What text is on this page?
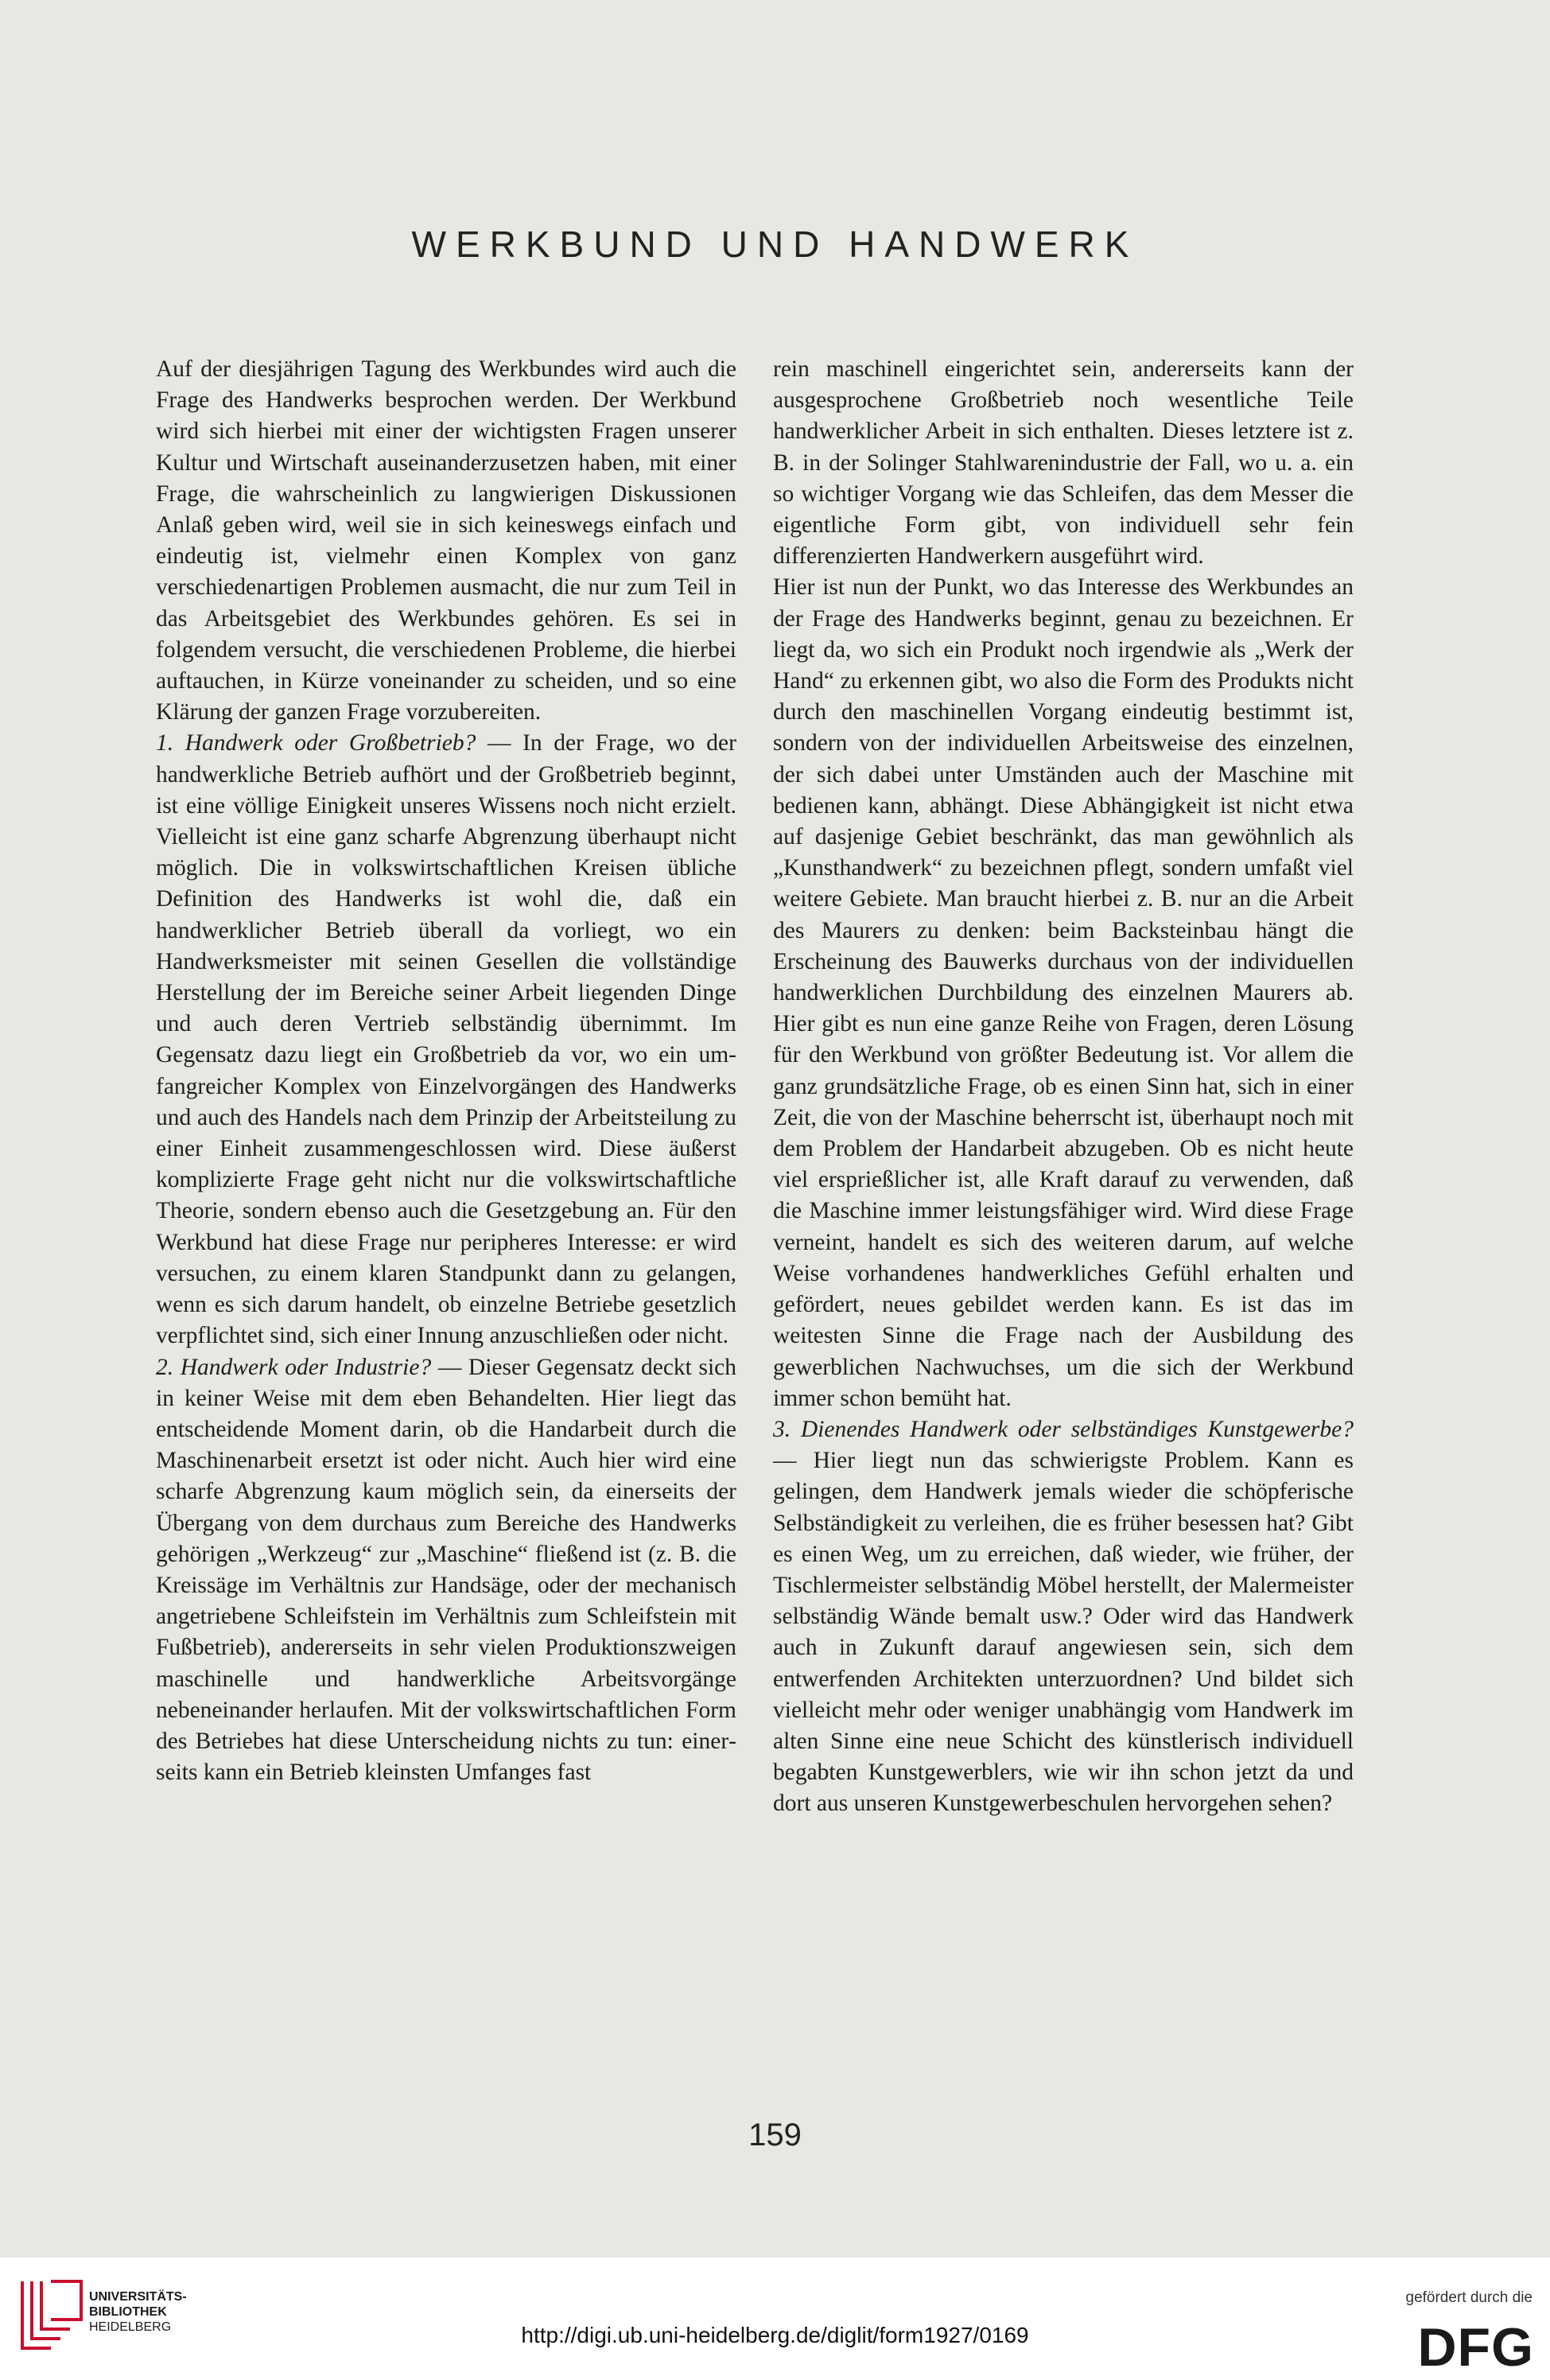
WERKBUND UND HANDWERK

Auf der diesjährigen Tagung des Werkbundes wird auch die Frage des Handwerks besprochen werden. Der Werkbund wird sich hierbei mit einer der wichtigsten Fragen unserer Kultur und Wirtschaft auseinanderzusetzen haben, mit einer Frage, die wahrscheinlich zu langwierigen Diskussionen Anlaß geben wird, weil sie in sich keineswegs einfach und eindeutig ist, vielmehr einen Komplex von ganz verschiedenartigen Problemen ausmacht, die nur zum Teil in das Arbeitsgebiet des Werkbundes gehören. Es sei in folgendem versucht, die verschiedenen Probleme, die hierbei auftauchen, in Kürze voneinander zu scheiden, und so eine Klärung der ganzen Frage vorzubereiten.

1. Handwerk oder Großbetrieb? — In der Frage, wo der handwerkliche Betrieb aufhört und der Großbetrieb beginnt, ist eine völlige Einigkeit unseres Wissens noch nicht erzielt. Vielleicht ist eine ganz scharfe Abgrenzung überhaupt nicht möglich. Die in volkswirtschaftlichen Kreisen übliche Definition des Handwerks ist wohl die, daß ein handwerklicher Betrieb überall da vorliegt, wo ein Handwerksmeister mit seinen Gesellen die vollständige Herstellung der im Bereiche seiner Arbeit liegenden Dinge und auch deren Vertrieb selbständig übernimmt. Im Gegensatz dazu liegt ein Großbetrieb da vor, wo ein umfangreicher Komplex von Einzelvorgängen des Handwerks und auch des Handels nach dem Prinzip der Arbeitsteilung zu einer Einheit zusammengeschlossen wird. Diese äußerst komplizierte Frage geht nicht nur die volkswirtschaftliche Theorie, sondern ebenso auch die Gesetzgebung an. Für den Werkbund hat diese Frage nur peripheres Interesse: er wird versuchen, zu einem klaren Standpunkt dann zu gelangen, wenn es sich darum handelt, ob einzelne Betriebe gesetzlich verpflichtet sind, sich einer Innung anzuschließen oder nicht.

2. Handwerk oder Industrie? — Dieser Gegensatz deckt sich in keiner Weise mit dem eben Behandelten. Hier liegt das entscheidende Moment darin, ob die Handarbeit durch die Maschinenarbeit ersetzt ist oder nicht. Auch hier wird eine scharfe Abgrenzung kaum möglich sein, da einerseits der Übergang von dem durchaus zum Bereiche des Handwerks gehörigen „Werkzeug“ zur „Maschine“ fließend ist (z. B. die Kreissäge im Verhältnis zur Handsäge, oder der mechanisch angetriebene Schleifstein im Verhältnis zum Schleifstein mit Fußbetrieb), andererseits in sehr vielen Produktionszweigen maschinelle und handwerkliche Arbeitsvorgänge nebeneinander herlaufen. Mit der volkswirtschaftlichen Form des Betriebes hat diese Unterscheidung nichts zu tun: einerseits kann ein Betrieb kleinsten Umfanges fast

rein maschinell eingerichtet sein, andererseits kann der ausgesprochene Großbetrieb noch wesentliche Teile handwerklicher Arbeit in sich enthalten. Dieses letztere ist z. B. in der Solinger Stahlwarenindustrie der Fall, wo u. a. ein so wichtiger Vorgang wie das Schleifen, das dem Messer die eigentliche Form gibt, von individuell sehr fein differenzierten Handwerkern ausgeführt wird.

Hier ist nun der Punkt, wo das Interesse des Werkbundes an der Frage des Handwerks beginnt, genau zu bezeichnen. Er liegt da, wo sich ein Produkt noch irgendwie als „Werk der Hand“ zu erkennen gibt, wo also die Form des Produkts nicht durch den maschinellen Vorgang eindeutig bestimmt ist, sondern von der individuellen Arbeitsweise des einzelnen, der sich dabei unter Umständen auch der Maschine mit bedienen kann, abhängt. Diese Abhängigkeit ist nicht etwa auf dasjenige Gebiet beschränkt, das man gewöhnlich als „Kunsthandwerk“ zu bezeichnen pflegt, sondern umfaßt viel weitere Gebiete. Man braucht hierbei z. B. nur an die Arbeit des Maurers zu denken: beim Backsteinbau hängt die Erscheinung des Bauwerks durchaus von der individuellen handwerklichen Durchbildung des einzelnen Maurers ab. Hier gibt es nun eine ganze Reihe von Fragen, deren Lösung für den Werkbund von größter Bedeutung ist. Vor allem die ganz grundsätzliche Frage, ob es einen Sinn hat, sich in einer Zeit, die von der Maschine beherrscht ist, überhaupt noch mit dem Problem der Handarbeit abzugeben. Ob es nicht heute viel ersprießlicher ist, alle Kraft darauf zu verwenden, daß die Maschine immer leistungsfähiger wird. Wird diese Frage verneint, handelt es sich des weiteren darum, auf welche Weise vorhandenes handwerkliches Gefühl erhalten und gefördert, neues gebildet werden kann. Es ist das im weitesten Sinne die Frage nach der Ausbildung des gewerblichen Nachwuchses, um die sich der Werkbund immer schon bemüht hat.

3. Dienendes Handwerk oder selbständiges Kunstgewerbe? — Hier liegt nun das schwierigste Problem. Kann es gelingen, dem Handwerk jemals wieder die schöpferische Selbständigkeit zu verleihen, die es früher besessen hat? Gibt es einen Weg, um zu erreichen, daß wieder, wie früher, der Tischlermeister selbständig Möbel herstellt, der Malermeister selbständig Wände bemalt usw.? Oder wird das Handwerk auch in Zukunft darauf angewiesen sein, sich dem entwerfenden Architekten unterzuordnen? Und bildet sich vielleicht mehr oder weniger unabhängig vom Handwerk im alten Sinne eine neue Schicht des künstlerisch individuell begabten Kunstgewerblers, wie wir ihn schon jetzt da und dort aus unseren Kunstgewerbeschulen hervorgehen sehen?

159
UNIVERSITÄTS-
BIBLIOTHEK
HEIDELBERG	http://digi.ub.uni-heidelberg.de/diglit/form1927/0169
gefördert durch die
DFG
